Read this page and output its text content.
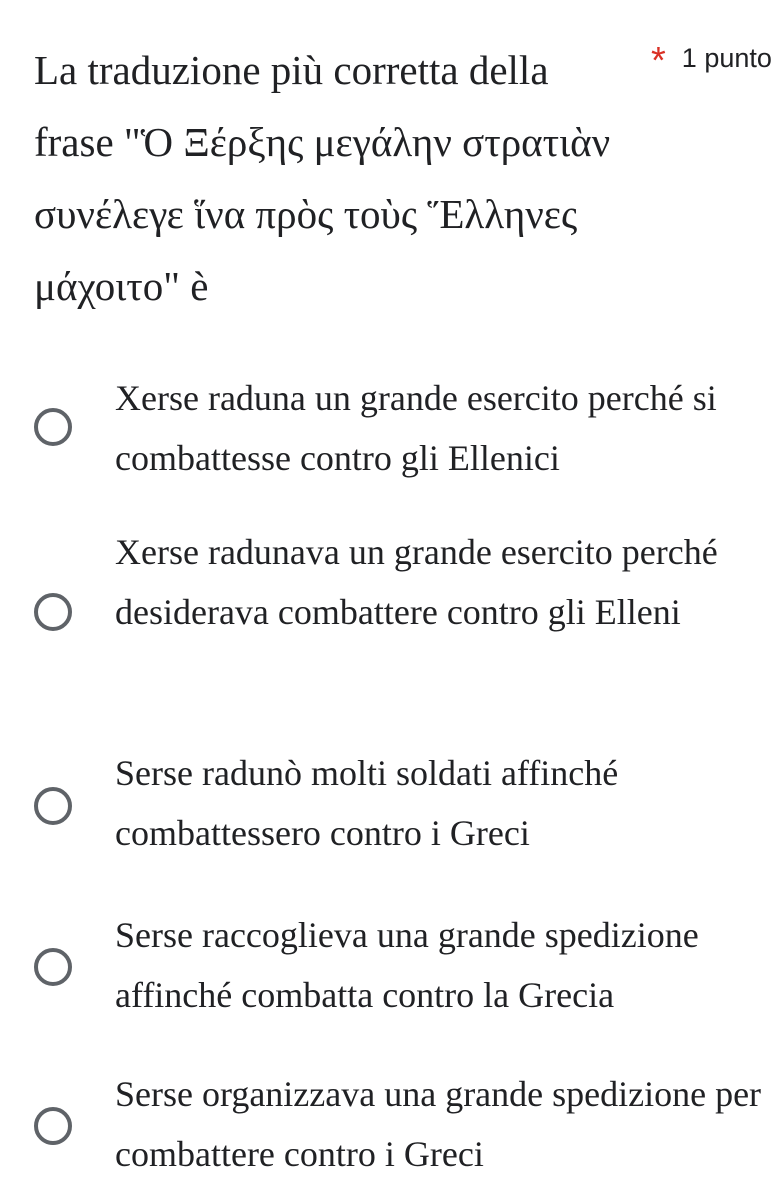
La traduzione più corretta della frase "Ὁ Ξέρξης μεγάλην στρατιὰν συνέλεγε ἵνα πρὸς τοὺς Ἕλληνες μάχοιτο" è
* 1 punto
Xerse raduna un grande esercito perché si combattesse contro gli Ellenici
Xerse radunava un grande esercito perché desiderava combattere contro gli Elleni
Serse radunò molti soldati affinché combattessero contro i Greci
Serse raccoglieva una grande spedizione affinché combatta contro la Grecia
Serse organizzava una grande spedizione per combattere contro i Greci
